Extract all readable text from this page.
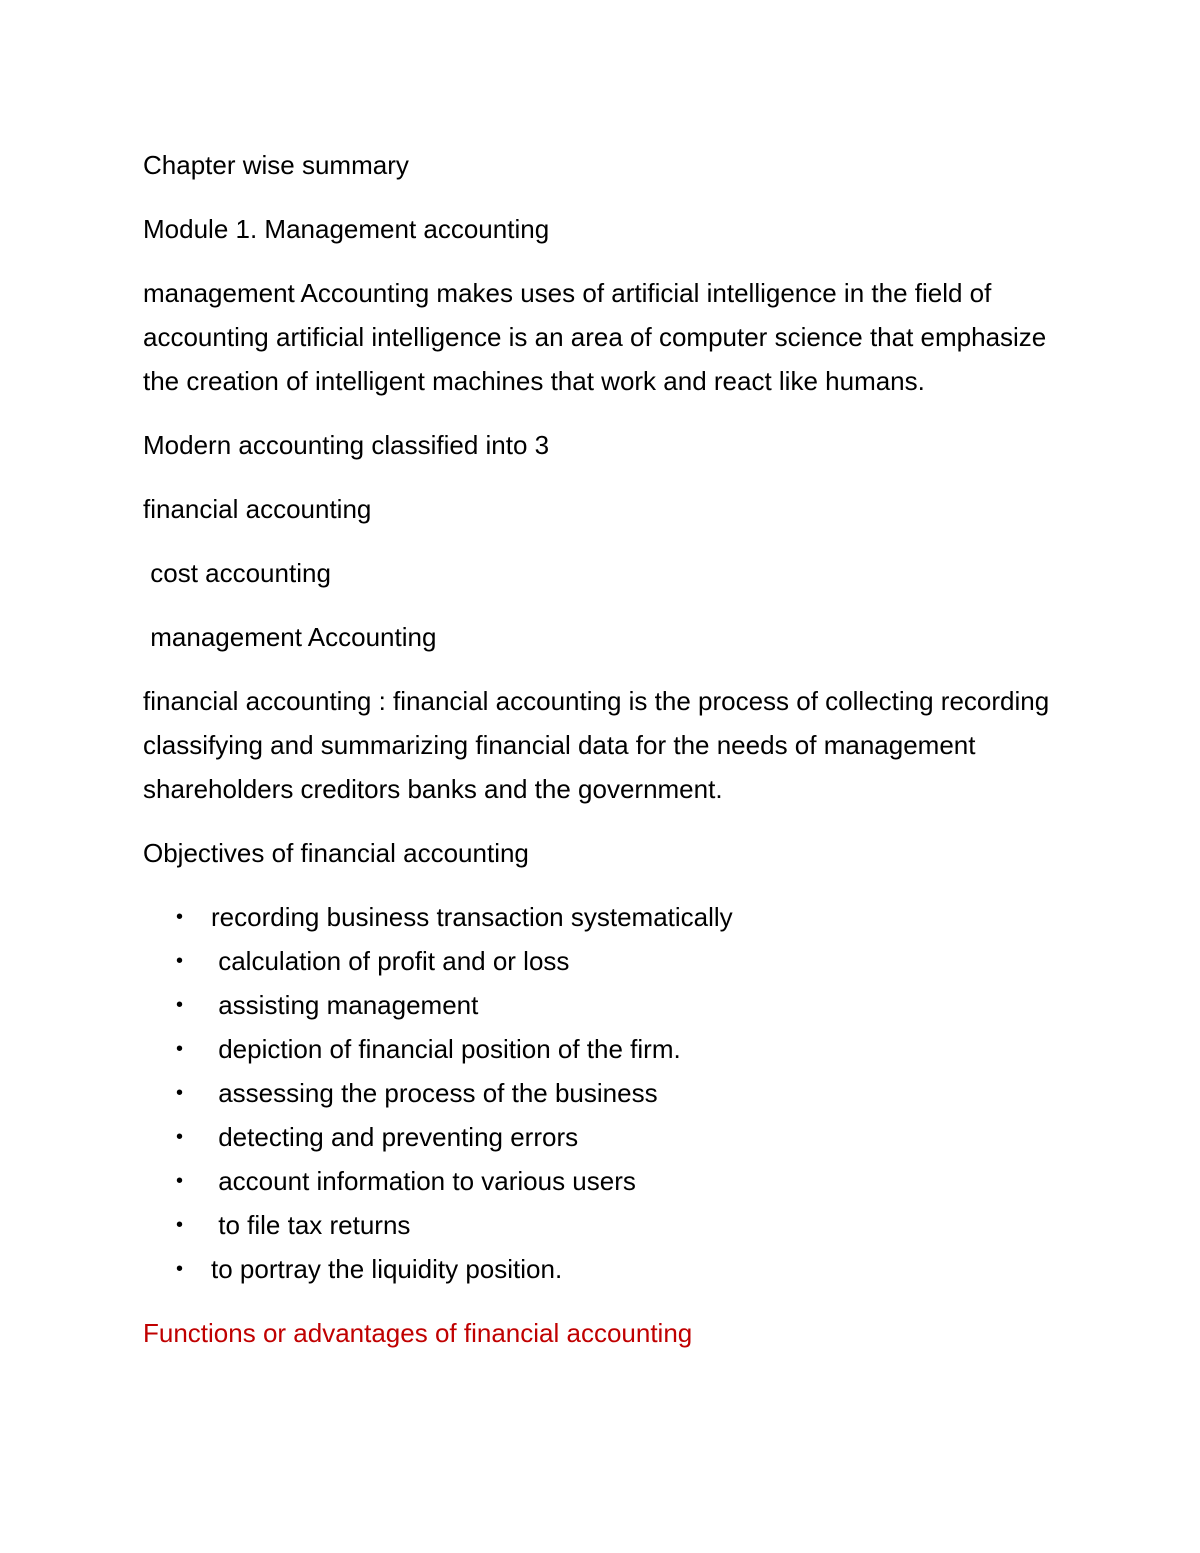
Chapter wise summary

Module 1. Management accounting

management Accounting makes uses of artificial intelligence in the field of accounting artificial intelligence is an area of computer science that emphasize the creation of intelligent machines that work and react like humans.

Modern accounting classified into 3

financial accounting

cost accounting

management Accounting

financial accounting : financial accounting is the process of collecting recording classifying and summarizing financial data for the needs of management shareholders creditors banks and the government.

Objectives of financial accounting

• recording business transaction systematically
• calculation of profit and or loss
• assisting management
• depiction of financial position of the firm.
• assessing the process of the business
• detecting and preventing errors
• account information to various users
• to file tax returns
• to portray the liquidity position.

Functions or advantages of financial accounting
